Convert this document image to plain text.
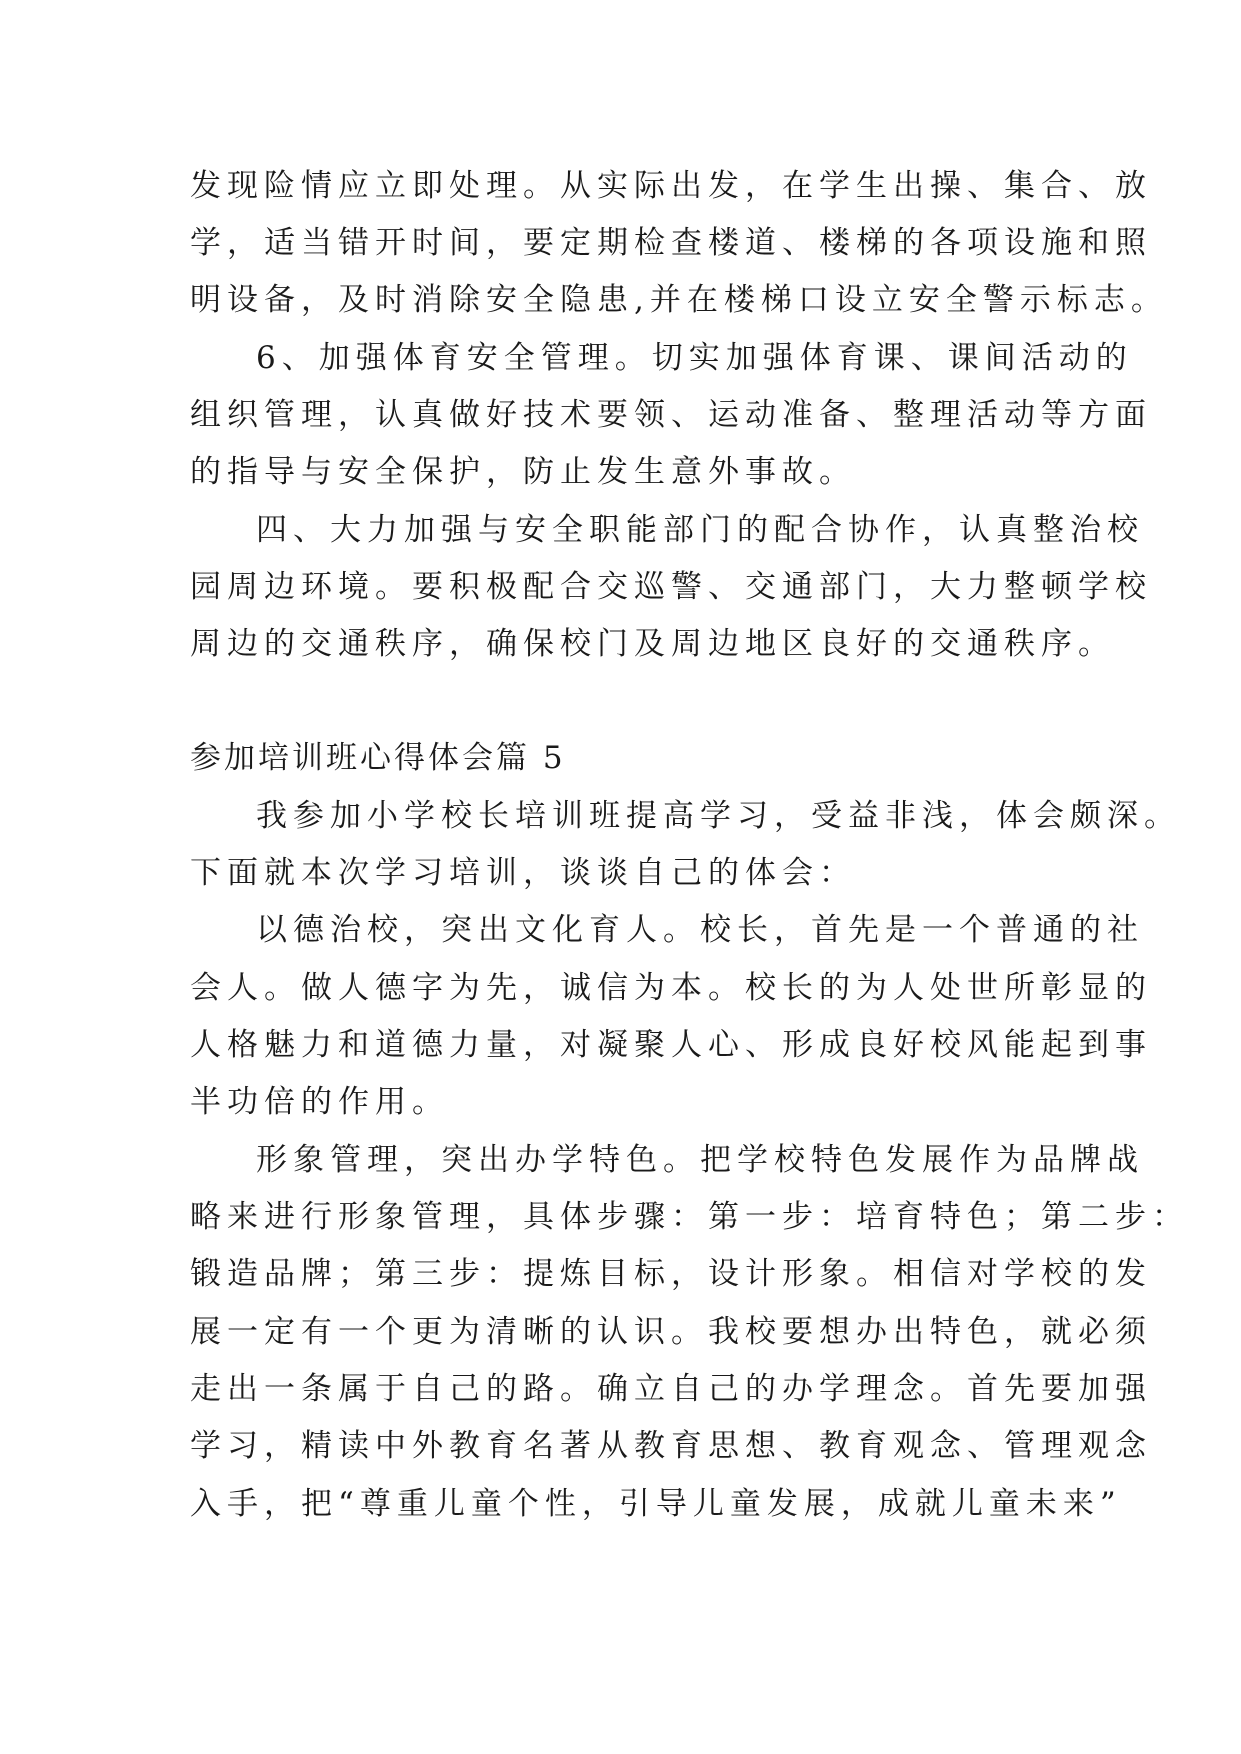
发现险情应立即处理。从实际出发，在学生出操、集合、放
学，适当错开时间，要定期检查楼道、楼梯的各项设施和照
明设备，及时消除安全隐患,并在楼梯口设立安全警示标志。
6、加强体育安全管理。切实加强体育课、课间活动的
组织管理，认真做好技术要领、运动准备、整理活动等方面
的指导与安全保护，防止发生意外事故。
四、大力加强与安全职能部门的配合协作，认真整治校
园周边环境。要积极配合交巡警、交通部门，大力整顿学校
周边的交通秩序，确保校门及周边地区良好的交通秩序。
参加培训班心得体会篇 5
我参加小学校长培训班提高学习，受益非浅，体会颇深。
下面就本次学习培训，谈谈自己的体会：
以德治校，突出文化育人。校长，首先是一个普通的社
会人。做人德字为先，诚信为本。校长的为人处世所彰显的
人格魅力和道德力量，对凝聚人心、形成良好校风能起到事
半功倍的作用。
形象管理，突出办学特色。把学校特色发展作为品牌战
略来进行形象管理，具体步骤：第一步：培育特色；第二步：
锻造品牌；第三步：提炼目标，设计形象。相信对学校的发
展一定有一个更为清晰的认识。我校要想办出特色，就必须
走出一条属于自己的路。确立自己的办学理念。首先要加强
学习，精读中外教育名著从教育思想、教育观念、管理观念
入手，把“尊重儿童个性，引导儿童发展，成就儿童未来”
